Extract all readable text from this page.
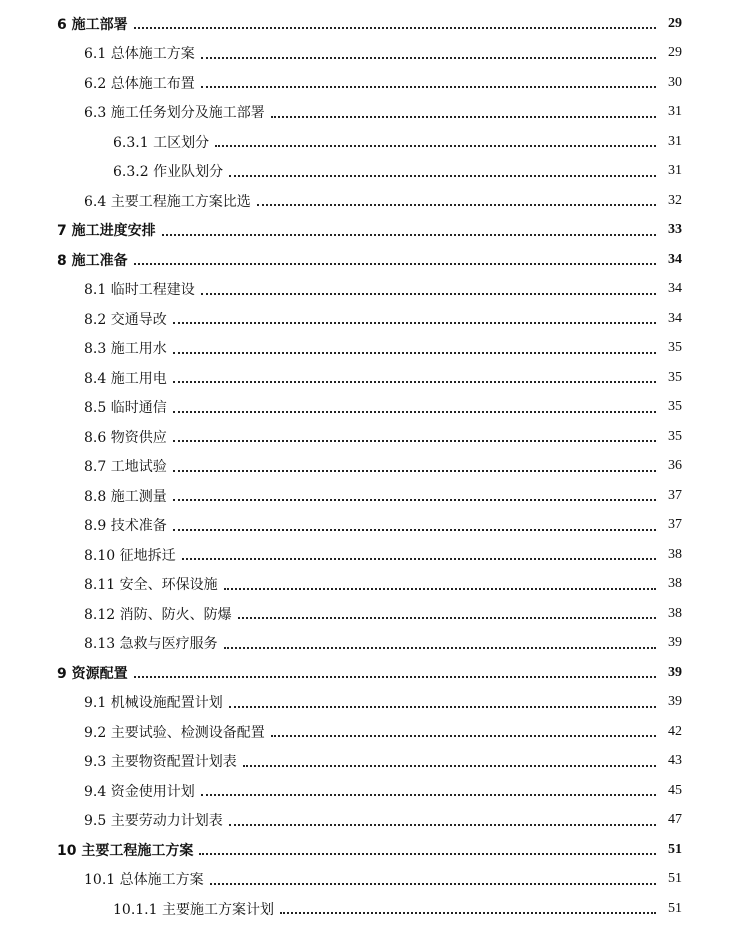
6 施工部署	29
6.1 总体施工方案	29
6.2 总体施工布置	30
6.3 施工任务划分及施工部署	31
6.3.1 工区划分	31
6.3.2 作业队划分	31
6.4 主要工程施工方案比选	32
7 施工进度安排	33
8 施工准备	34
8.1 临时工程建设	34
8.2 交通导改	34
8.3 施工用水	35
8.4 施工用电	35
8.5 临时通信	35
8.6 物资供应	35
8.7 工地试验	36
8.8 施工测量	37
8.9 技术准备	37
8.10 征地拆迁	38
8.11 安全、环保设施	38
8.12 消防、防火、防爆	38
8.13 急救与医疗服务	39
9 资源配置	39
9.1 机械设施配置计划	39
9.2 主要试验、检测设备配置	42
9.3 主要物资配置计划表	43
9.4 资金使用计划	45
9.5 主要劳动力计划表	47
10 主要工程施工方案	51
10.1 总体施工方案	51
10.1.1 主要施工方案计划	51
